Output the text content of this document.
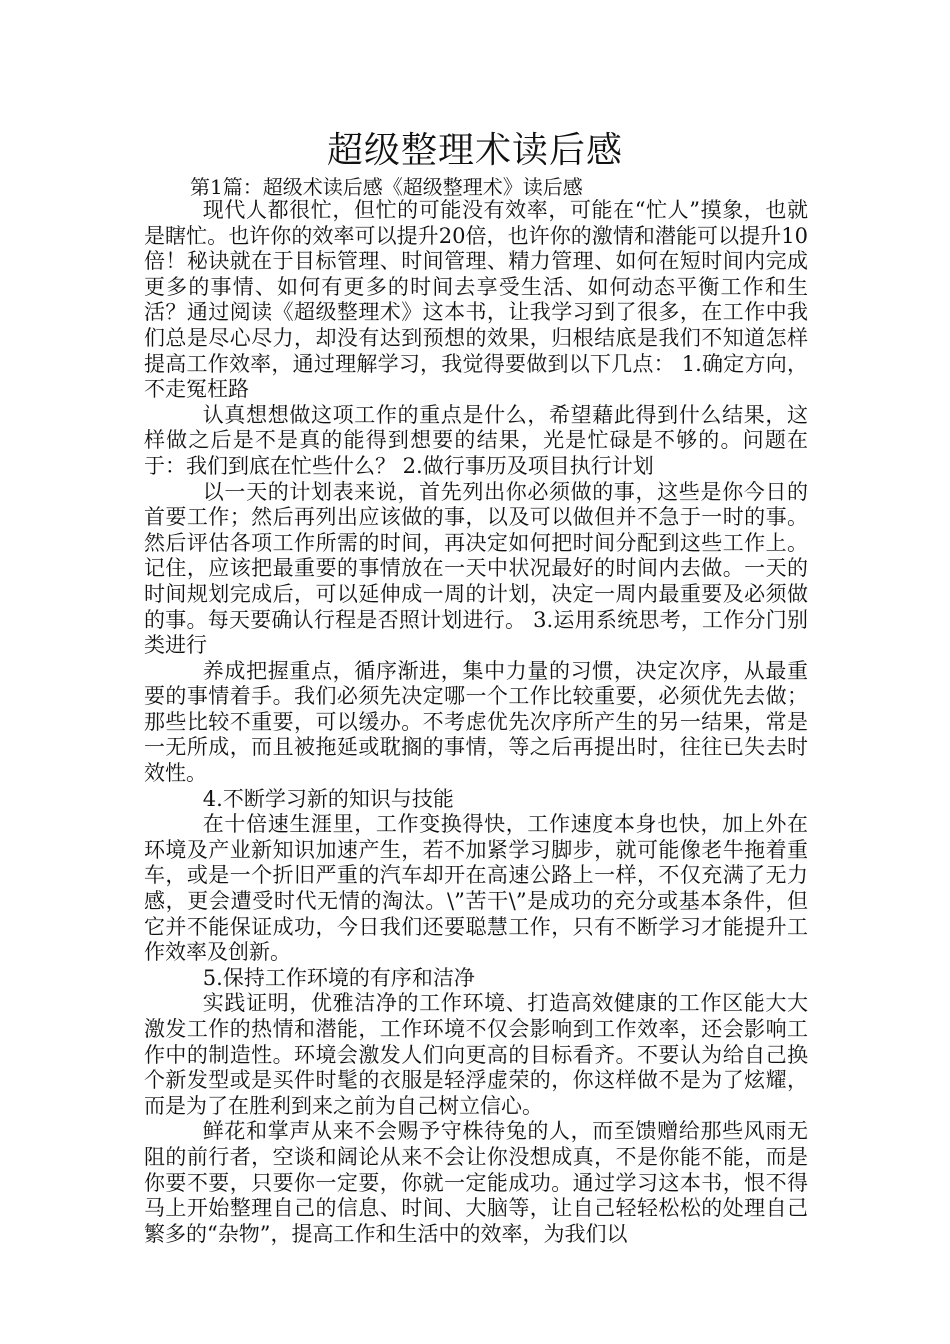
超级整理术读后感
第1篇：超级术读后感《超级整理术》读后感

现代人都很忙，但忙的可能没有效率，可能在“忙人”摸象，也就是瞎忙。也许你的效率可以提升20倍，也许你的激情和潜能可以提升10倍！秘诀就在于目标管理、时间管理、精力管理、如何在短时间内完成更多的事情、如何有更多的时间去享受生活、如何动态平衡工作和生活？通过阅读《超级整理术》这本书，让我学习到了很多，在工作中我们总是尽心尽力，却没有达到预想的效果，归根结底是我们不知道怎样提高工作效率，通过理解学习，我觉得要做到以下几点： 1.确定方向，不走冤枉路

认真想想做这项工作的重点是什么，希望藉此得到什么结果，这样做之后是不是真的能得到想要的结果，光是忙碌是不够的。问题在于：我们到底在忙些什么？ 2.做行事历及项目执行计划

以一天的计划表来说，首先列出你必须做的事，这些是你今日的首要工作；然后再列出应该做的事，以及可以做但并不急于一时的事。然后评估各项工作所需的时间，再决定如何把时间分配到这些工作上。记住，应该把最重要的事情放在一天中状况最好的时间内去做。一天的时间规划完成后，可以延伸成一周的计划，决定一周内最重要及必须做的事。每天要确认行程是否照计划进行。 3.运用系统思考，工作分门别类进行

养成把握重点，循序渐进，集中力量的习惯，决定次序，从最重要的事情着手。我们必须先决定哪一个工作比较重要，必须优先去做；那些比较不重要，可以缓办。不考虑优先次序所产生的另一结果，常是一无所成，而且被拖延或耽搁的事情，等之后再提出时，往往已失去时效性。

4.不断学习新的知识与技能

在十倍速生涯里，工作变换得快，工作速度本身也快，加上外在环境及产业新知识加速产生，若不加紧学习脚步，就可能像老牛拖着重车，或是一个折旧严重的汽车却开在高速公路上一样，不仅充满了无力感，更会遭受时代无情的淘汰。\”苦干\”是成功的充分或基本条件，但它并不能保证成功，今日我们还要聪慧工作，只有不断学习才能提升工作效率及创新。

5.保持工作环境的有序和洁净

实践证明，优雅洁净的工作环境、打造高效健康的工作区能大大激发工作的热情和潜能，工作环境不仅会影响到工作效率，还会影响工作中的制造性。环境会激发人们向更高的目标看齐。不要认为给自己换个新发型或是买件时髦的衣服是轻浮虚荣的，你这样做不是为了炫耀，而是为了在胜利到来之前为自己树立信心。

鲜花和掌声从来不会赐予守株待兔的人，而至馈赠给那些风雨无阻的前行者，空谈和阔论从来不会让你没想成真，不是你能不能，而是你要不要，只要你一定要，你就一定能成功。通过学习这本书，恨不得马上开始整理自己的信息、时间、大脑等，让自己轻轻松松的处理自己繁多的“杂物”，提高工作和生活中的效率，为我们以
